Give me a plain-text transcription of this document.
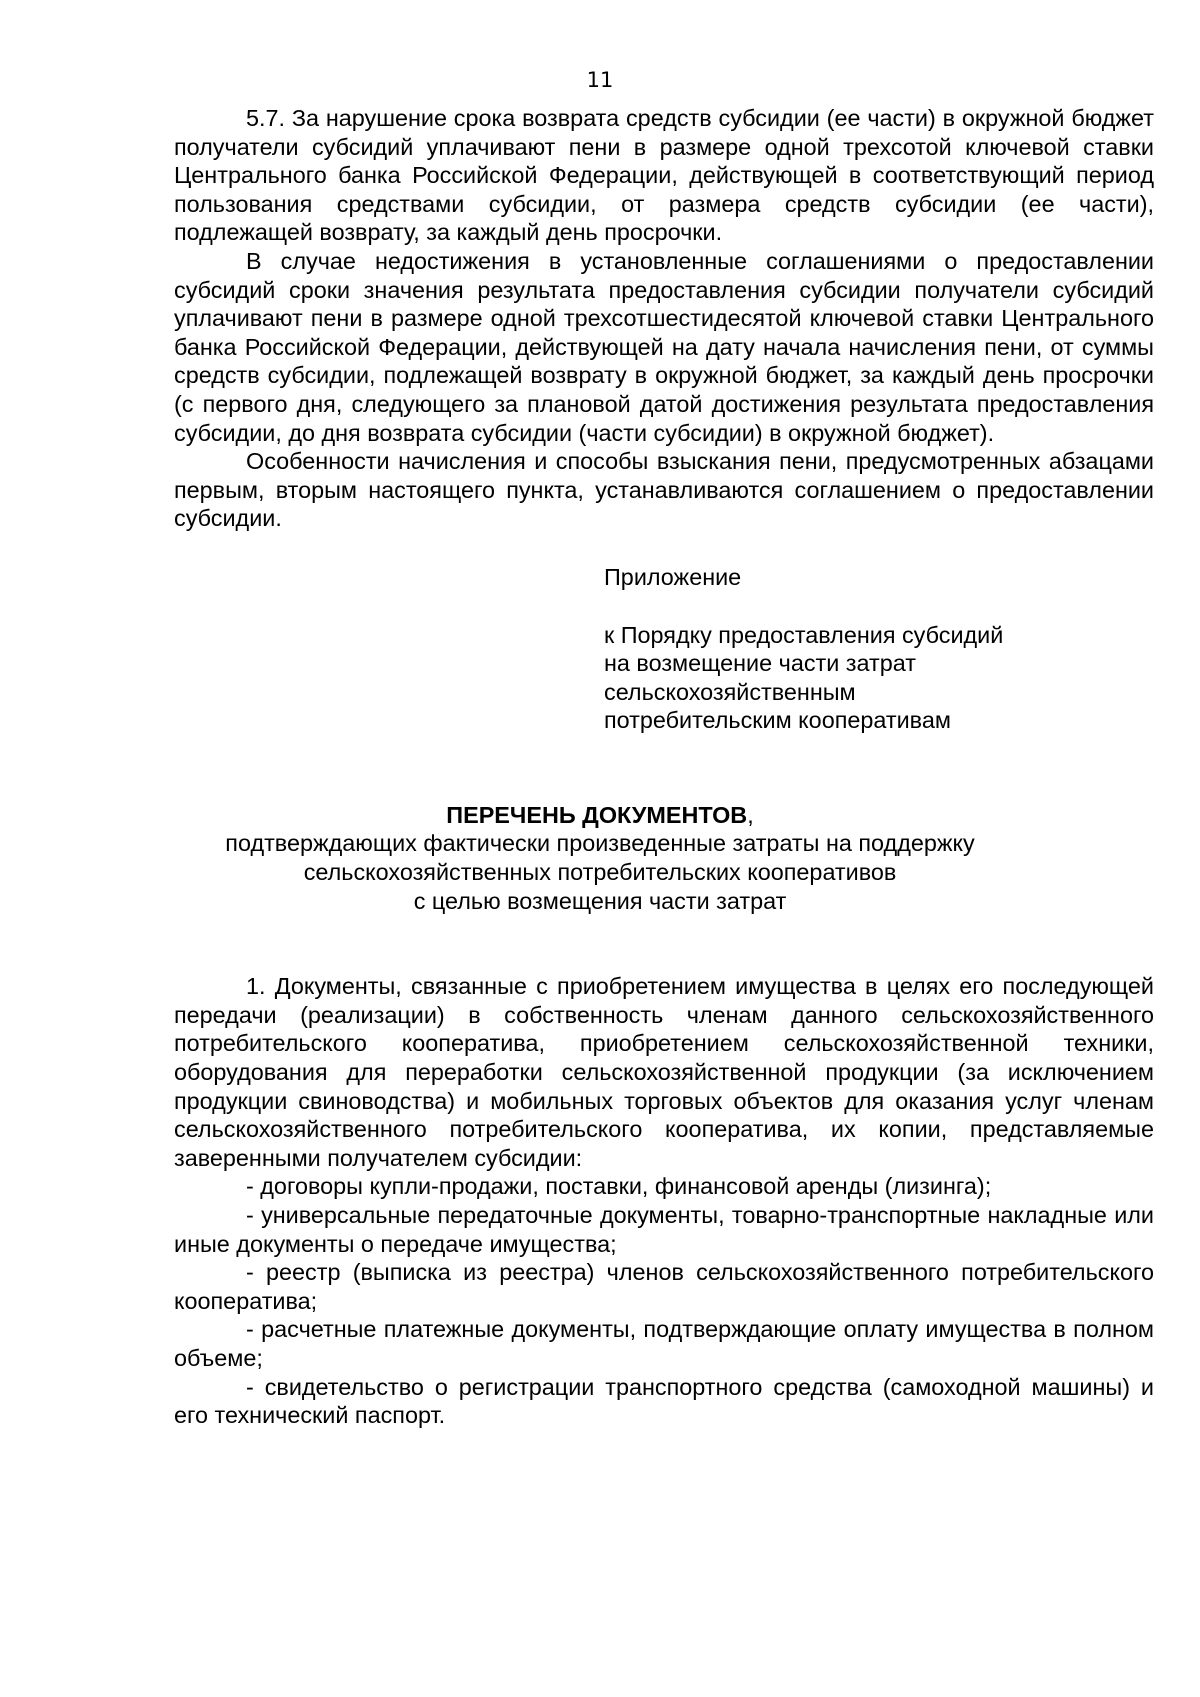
11

5.7. За нарушение срока возврата средств субсидии (ее части) в окружной бюджет получатели субсидий уплачивают пени в размере одной трехсотой ключевой ставки Центрального банка Российской Федерации, действующей в соответствующий период пользования средствами субсидии, от размера средств субсидии (ее части), подлежащей возврату, за каждый день просрочки.

В случае недостижения в установленные соглашениями о предоставлении субсидий сроки значения результата предоставления субсидии получатели субсидий уплачивают пени в размере одной трехсотшестидесятой ключевой ставки Центрального банка Российской Федерации, действующей на дату начала начисления пени, от суммы средств субсидии, подлежащей возврату в окружной бюджет, за каждый день просрочки (с первого дня, следующего за плановой датой достижения результата предоставления субсидии, до дня возврата субсидии (части субсидии) в окружной бюджет).

Особенности начисления и способы взыскания пени, предусмотренных абзацами первым, вторым настоящего пункта, устанавливаются соглашением о предоставлении субсидии.

Приложение

к Порядку предоставления субсидий

на возмещение части затрат

сельскохозяйственным

потребительским кооперативам

ПЕРЕЧЕНЬ ДОКУМЕНТОВ,
подтверждающих фактически произведенные затраты на поддержку
сельскохозяйственных потребительских кооперативов
с целью возмещения части затрат

1. Документы, связанные с приобретением имущества в целях его последующей передачи (реализации) в собственность членам данного сельскохозяйственного потребительского кооператива, приобретением сельскохозяйственной техники, оборудования для переработки сельскохозяйственной продукции (за исключением продукции свиноводства) и мобильных торговых объектов для оказания услуг членам сельскохозяйственного потребительского кооператива, их копии, представляемые заверенными получателем субсидии:

- договоры купли-продажи, поставки, финансовой аренды (лизинга);

- универсальные передаточные документы, товарно-транспортные накладные или иные документы о передаче имущества;

- реестр (выписка из реестра) членов сельскохозяйственного потребительского кооператива;

- расчетные платежные документы, подтверждающие оплату имущества в полном объеме;

- свидетельство о регистрации транспортного средства (самоходной машины) и его технический паспорт.
